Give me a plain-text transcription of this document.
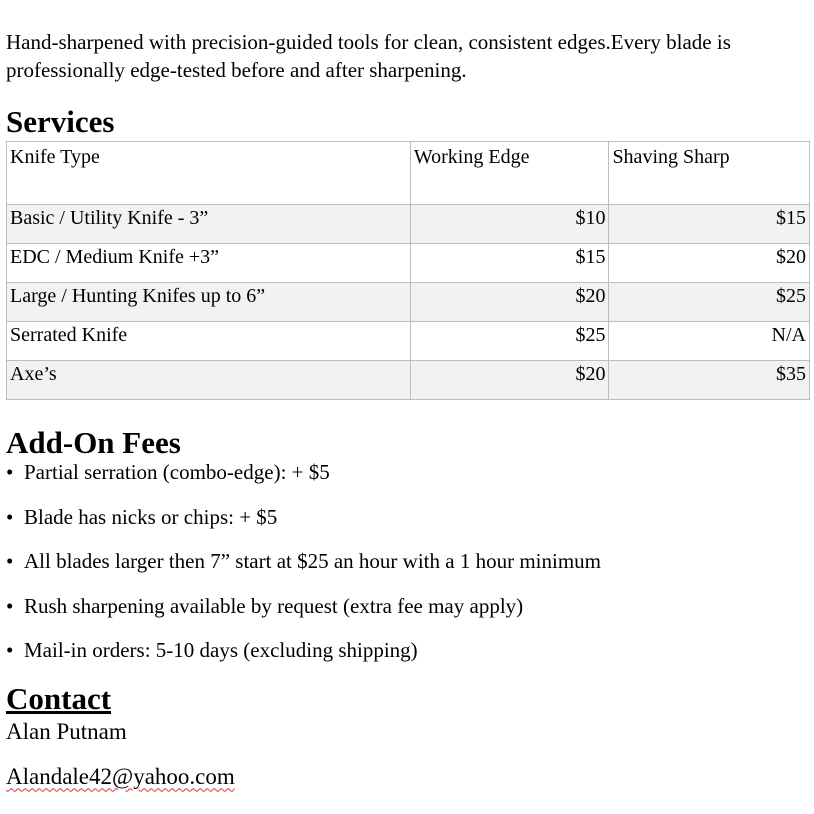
Hand-sharpened with precision-guided tools for clean, consistent edges.Every blade is professionally edge-tested before and after sharpening.

Services
Knife Type	Working Edge	Shaving Sharp
Basic / Utility Knife - 3”	$10	$15
EDC / Medium Knife +3”	$15	$20
Large / Hunting Knifes up to 6”	$20	$25
Serrated Knife	$25	N/A
Axe’s	$20	$35
Add-On Fees
• Partial serration (combo-edge): + $5
• Blade has nicks or chips: + $5
• All blades larger then 7” start at $25 an hour with a 1 hour minimum
• Rush sharpening available by request (extra fee may apply)
• Mail-in orders: 5-10 days (excluding shipping)
Contact

Alan Putnam

Alandale42@yahoo.com
